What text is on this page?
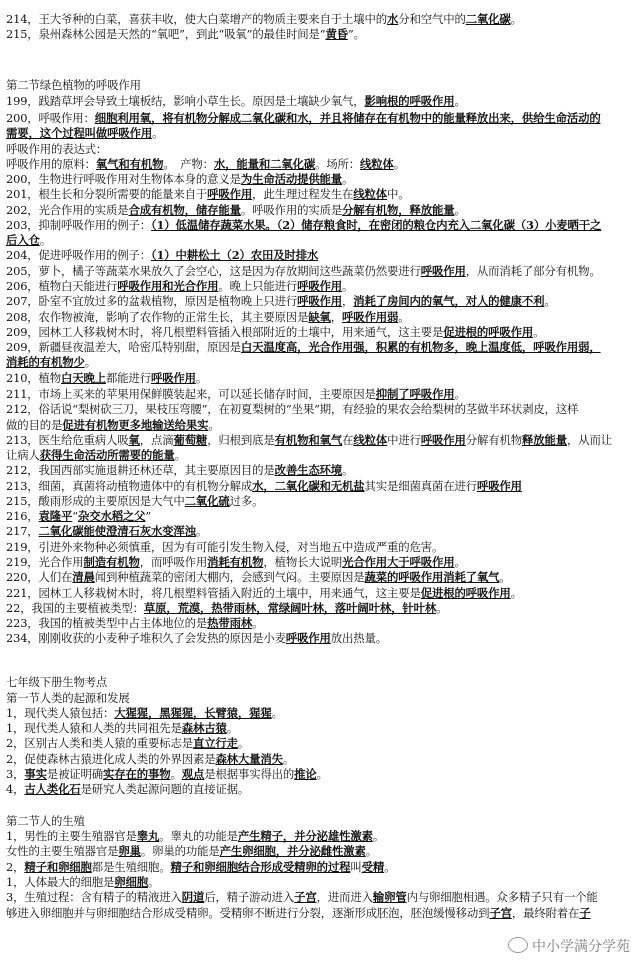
214，王大爷种的白菜，喜获丰收，使大白菜增产的物质主要来自于土壤中的水分和空气中的二氧化碳。
215，泉州森林公园是天然的“氧吧”，到此“吸氧”的最佳时间是“黄昏”。
第二节绿色植物的呼吸作用
199，践踏草坪会导致土壤板结，影响小草生长。原因是土壤缺少氧气，影响根的呼吸作用。
200，呼吸作用：细胞利用氧，将有机物分解成二氧化碳和水，并且将储存在有机物中的能量释放出来，供给生命活动的
需要，这个过程叫做呼吸作用。
呼吸作用的表达式：
呼吸作用的原料：氧气和有机物。　产物：水，能量和二氧化碳。场所：线粒体。
200，生物进行呼吸作用对生物体本身的意义是为生命活动提供能量。
201，根生长和分裂所需要的能量来自于呼吸作用，此生理过程发生在线粒体中。
202，光合作用的实质是合成有机物，储存能量。呼吸作用的实质是分解有机物，释放能量。
203，抑制呼吸作用的例子：（1）低温储存蔬菜水果。（2）储存粮食时，在密闭的粮仓内充入二氧化碳（3）小麦晒干之
后入仓。
204，促进呼吸作用的例子：（1）中耕松土（2）农田及时排水
205，萝卜，橘子等蔬菜水果放久了会空心，这是因为存放期间这些蔬菜仍然要进行呼吸作用，从而消耗了部分有机物。
206，植物白天能进行呼吸作用和光合作用。晚上只能进行呼吸作用。
207，卧室不宜放过多的盆栽植物，原因是植物晚上只进行呼吸作用，消耗了房间内的氧气，对人的健康不利。
208，农作物被淹，影响了农作物的正常生长，其主要原因是缺氧，呼吸作用弱。
209，园林工人移栽树木时，将几根塑料管插入根部附近的土壤中，用来通气，这主要是促进根的呼吸作用。
209，新疆昼夜温差大，哈密瓜特别甜，原因是白天温度高，光合作用强，积累的有机物多，晚上温度低，呼吸作用弱，
消耗的有机物少。
210，植物白天晚上都能进行呼吸作用。
211，市场上买来的苹果用保鲜膜装起来，可以延长储存时间，主要原因是抑制了呼吸作用。
212，俗话说“梨树砍三刀，果枝压弯腰”，在初夏梨树的“坐果”期，有经验的果农会给梨树的茎做半环状剥皮，这样
做的目的是促进有机物更多地输送给果实。
213，医生给危重病人吸氧，点滴葡萄糖，归根到底是有机物和氧气在线粒体中进行呼吸作用分解有机物释放能量，从而让
让病人获得生命活动所需要的能量。
212，我国西部实施退耕还林还草，其主要原因目的是改善生态环境。
213，细菌，真菌将动植物遗体中的有机物分解成水，二氧化碳和无机盐其实是细菌真菌在进行呼吸作用
215，酸雨形成的主要原因是大气中二氧化硫过多。
216，袁隆平“杂交水稻之父”
217，二氧化碳能使澄清石灰水变浑浊。
219，引进外来物种必须慎重，因为有可能引发生物入侵，对当地五中造成严重的危害。
219，光合作用制造有机物，而呼吸作用消耗有机物，植物长大说明光合作用大于呼吸作用。
220，人们在清晨闻到种植蔬菜的密闭大棚内，会感到气闷。主要原因是蔬菜的呼吸作用消耗了氧气。
221，园林工人移栽树木时，将几根塑料管插入附近的土壤中，用来通气，这主要是促进根的呼吸作用。
22，我国的主要植被类型：草原，荒漠，热带雨林，常绿阔叶林，落叶阔叶林，针叶林。
223，我国的植被类型中占主体地位的是热带雨林。
234，刚刚收获的小麦种子堆积久了会发热的原因是小麦呼吸作用放出热量。
七年级下册生物考点
第一节人类的起源和发展
1，现代类人猿包括：大猩猩，黑猩猩，长臂猿，猩猩。
1，现代类人猿和人类的共同祖先是森林古猿。
2，区别古人类和类人猿的重要标志是直立行走。
2，促使森林古猿进化成人类的外界因素是森林大量消失。
3，事实是被证明确实存在的事物。观点是根据事实得出的推论。
4，古人类化石是研究人类起源问题的直接证据。
第二节人的生殖
1，男性的主要生殖器官是睾丸。睾丸的功能是产生精子，并分泌雄性激素。
女性的主要生殖器官是卵巢。卵巢的功能是产生卵细胞，并分泌雌性激素。
2，精子和卵细胞都是生殖细胞。精子和卵细胞结合形成受精卵的过程叫受精。
1，人体最大的细胞是卵细胞。
3，生殖过程：含有精子的精液进入阴道后，精子游动进入子宫，进而进入输卵管内与卵细胞相遇。众多精子只有一个能
够进入卵细胞并与卵细胞结合形成受精卵。受精卵不断进行分裂，逐渐形成胚泡，胚泡缓慢移动到子宫，最终附着在子
中小学满分学苑
